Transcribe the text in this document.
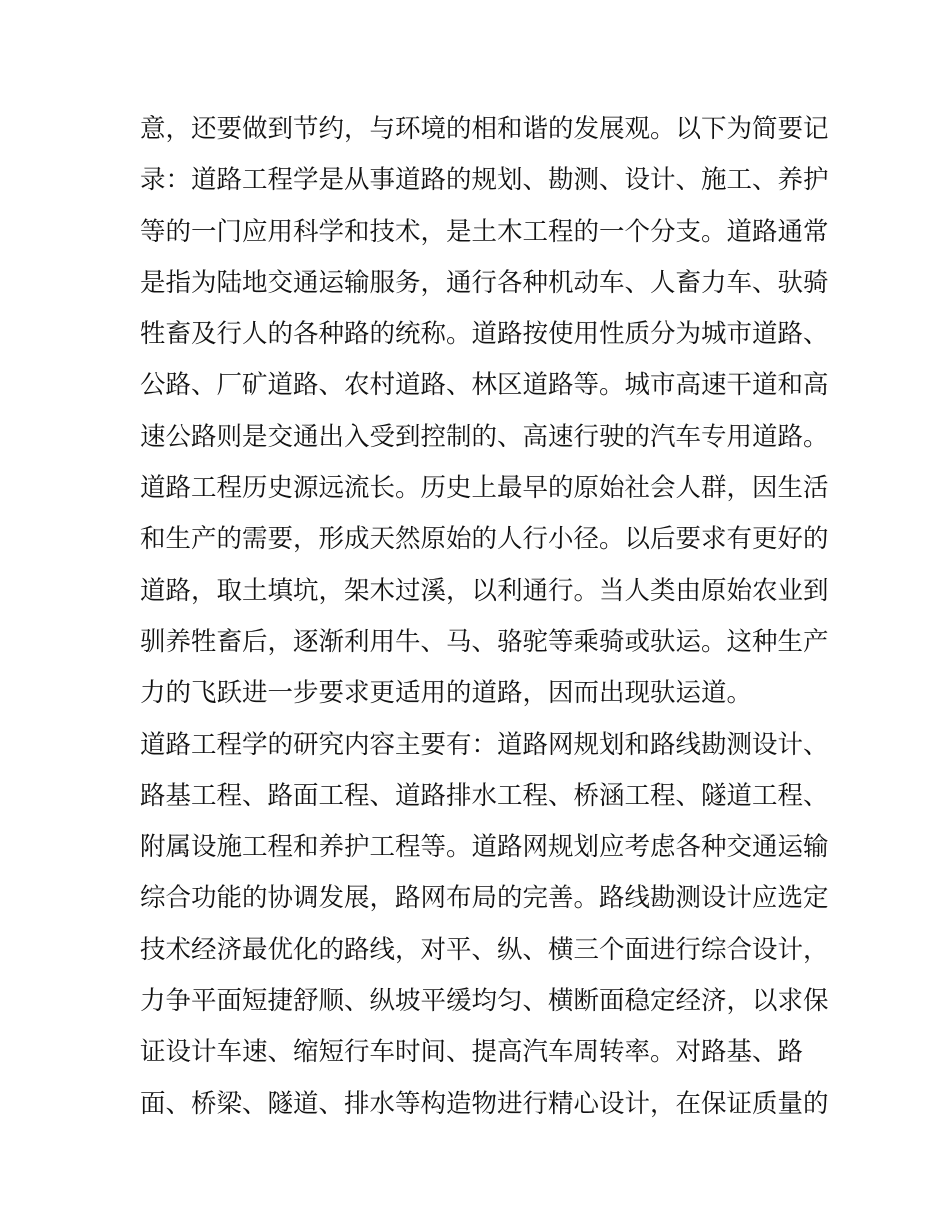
意，还要做到节约，与环境的相和谐的发展观。以下为简要记
录：道路工程学是从事道路的规划、勘测、设计、施工、养护
等的一门应用科学和技术，是土木工程的一个分支。道路通常
是指为陆地交通运输服务，通行各种机动车、人畜力车、驮骑
牲畜及行人的各种路的统称。道路按使用性质分为城市道路、
公路、厂矿道路、农村道路、林区道路等。城市高速干道和高
速公路则是交通出入受到控制的、高速行驶的汽车专用道路。
道路工程历史源远流长。历史上最早的原始社会人群，因生活
和生产的需要，形成天然原始的人行小径。以后要求有更好的
道路，取土填坑，架木过溪，以利通行。当人类由原始农业到
驯养牲畜后，逐渐利用牛、马、骆驼等乘骑或驮运。这种生产
力的飞跃进一步要求更适用的道路，因而出现驮运道。
道路工程学的研究内容主要有：道路网规划和路线勘测设计、
路基工程、路面工程、道路排水工程、桥涵工程、隧道工程、
附属设施工程和养护工程等。道路网规划应考虑各种交通运输
综合功能的协调发展，路网布局的完善。路线勘测设计应选定
技术经济最优化的路线，对平、纵、横三个面进行综合设计，
力争平面短捷舒顺、纵坡平缓均匀、横断面稳定经济，以求保
证设计车速、缩短行车时间、提高汽车周转率。对路基、路
面、桥梁、隧道、排水等构造物进行精心设计，在保证质量的
